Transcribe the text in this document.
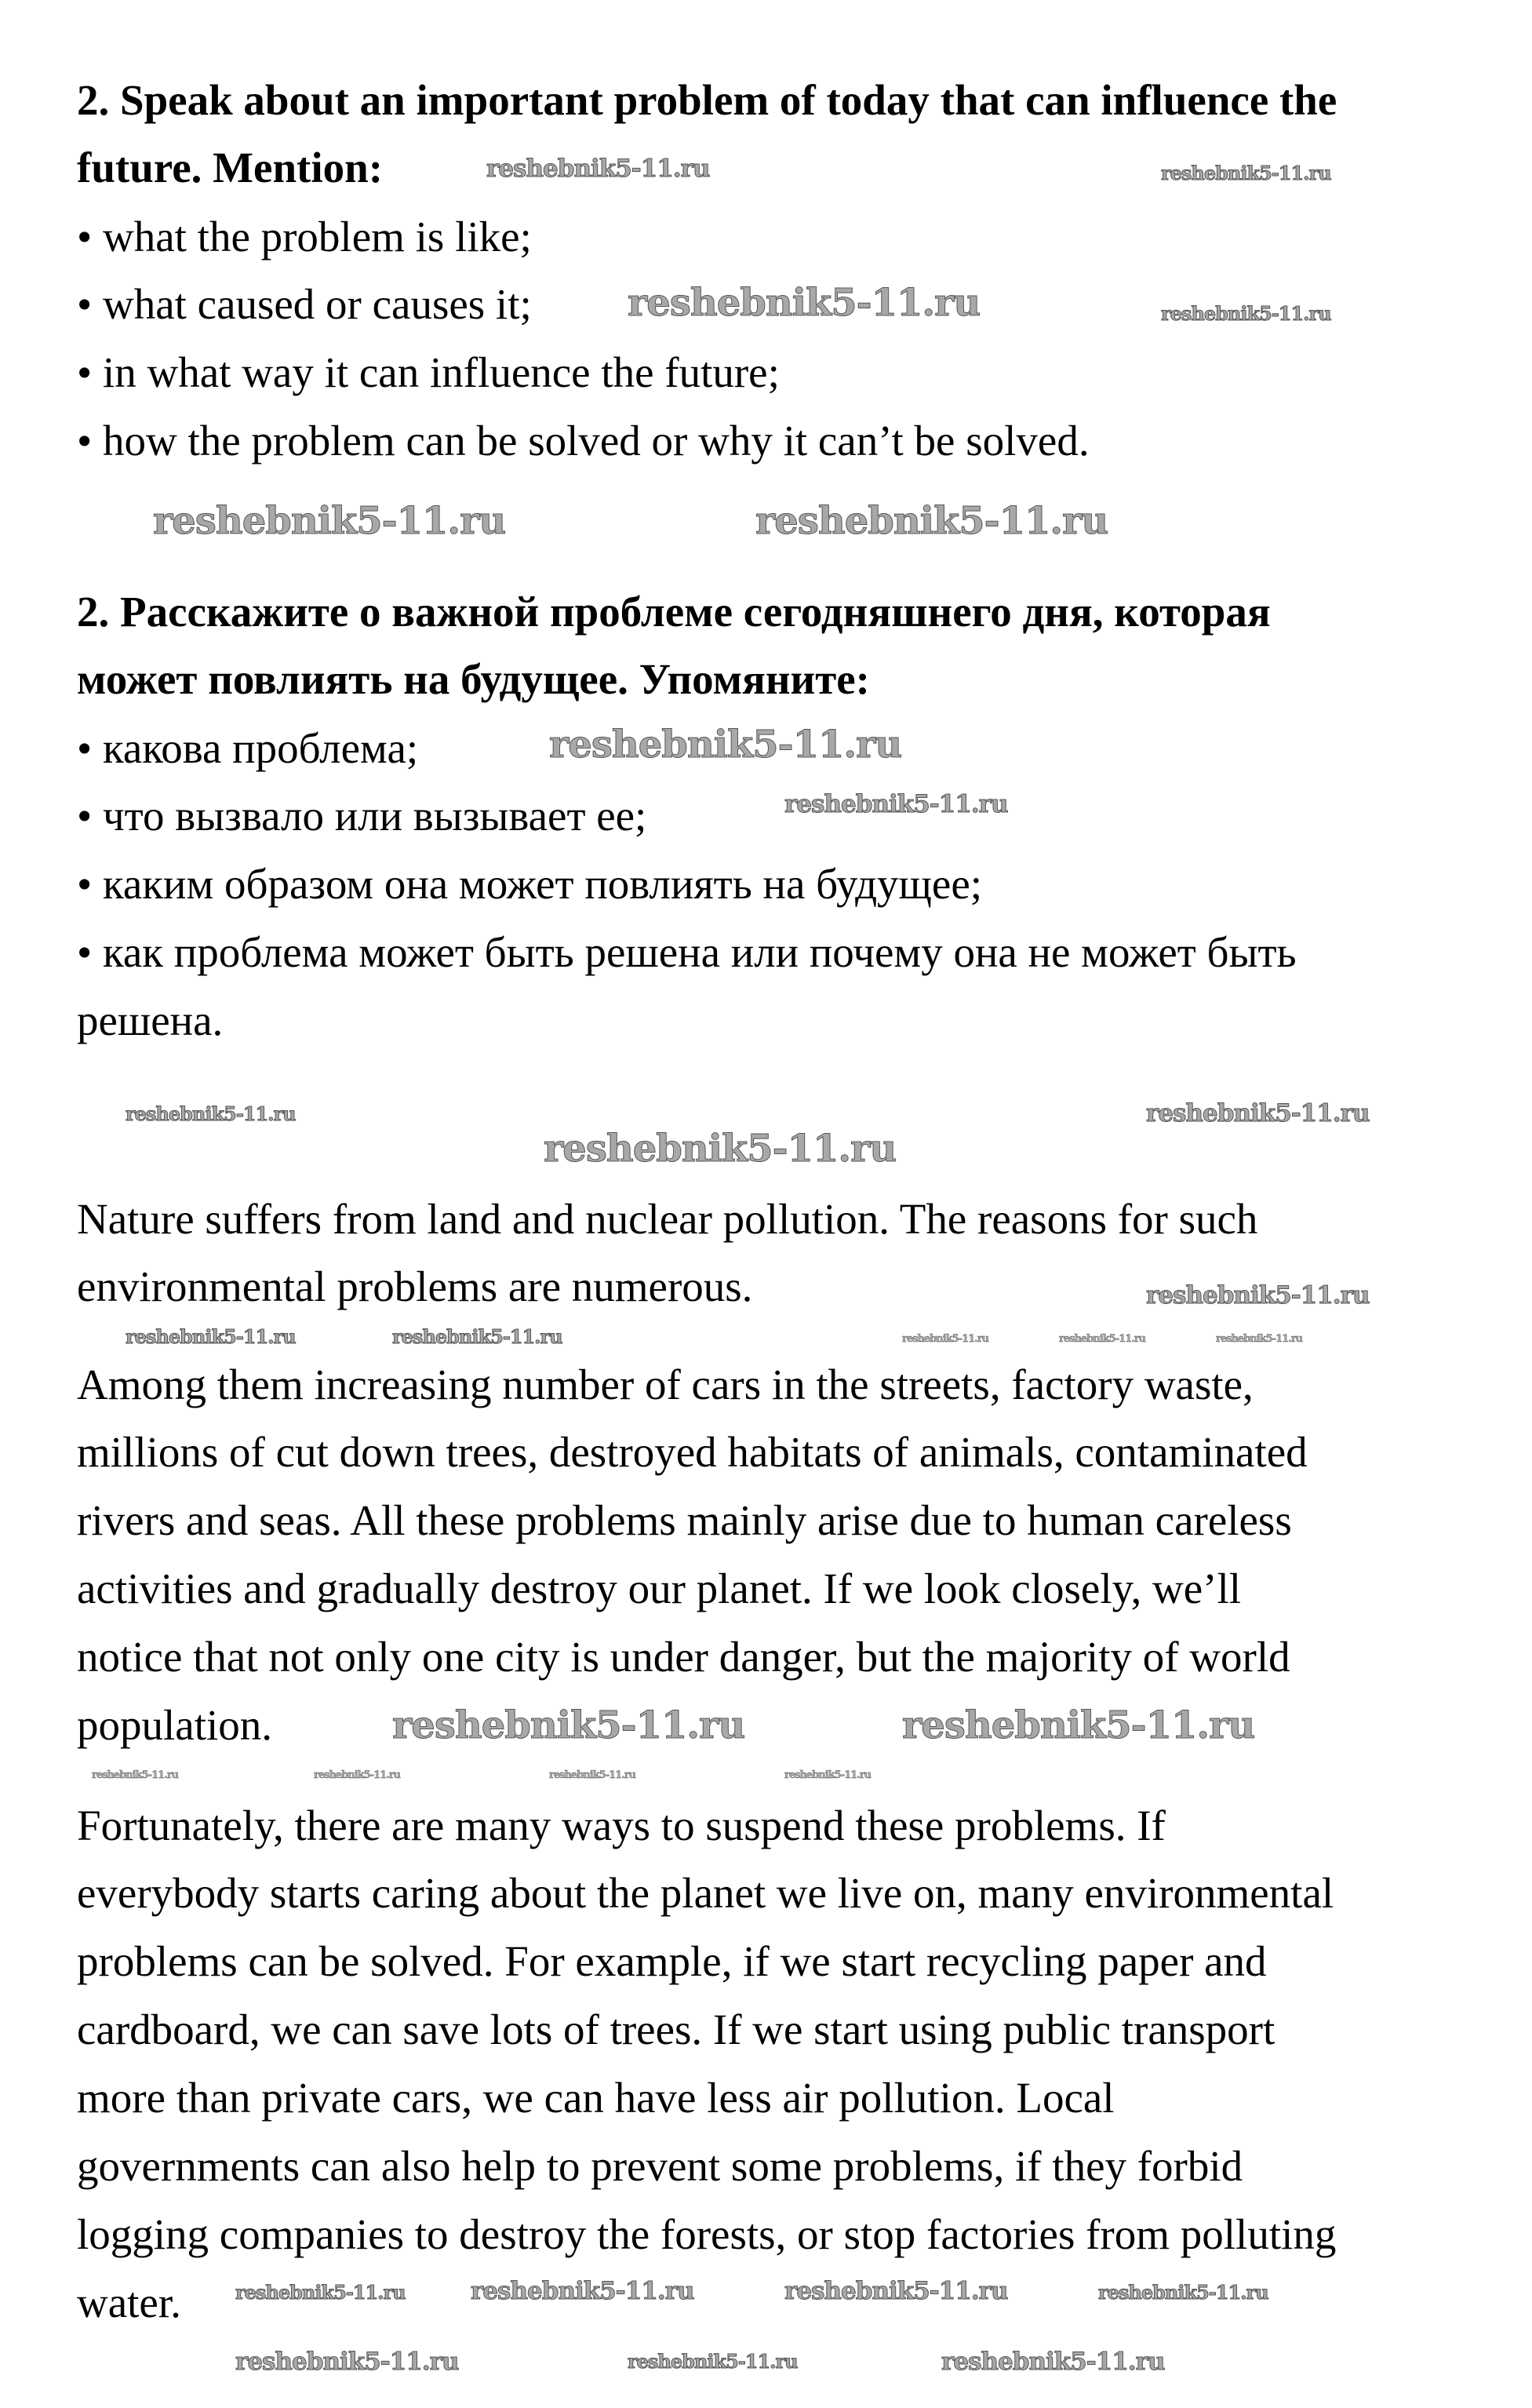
2. Speak about an important problem of today that can influence the
future. Mention:
• what the problem is like;
• what caused or causes it;
• in what way it can influence the future;
• how the problem can be solved or why it can’t be solved.
2. Расскажите о важной проблеме сегодняшнего дня, которая
может повлиять на будущее. Упомяните:
• какова проблема;
• что вызвало или вызывает ее;
• каким образом она может повлиять на будущее;
• как проблема может быть решена или почему она не может быть
решена.
Nature suffers from land and nuclear pollution. The reasons for such
environmental problems are numerous.
Among them increasing number of cars in the streets, factory waste,
millions of cut down trees, destroyed habitats of animals, contaminated
rivers and seas. All these problems mainly arise due to human careless
activities and gradually destroy our planet. If we look closely, we’ll
notice that not only one city is under danger, but the majority of world
population.
Fortunately, there are many ways to suspend these problems. If
everybody starts caring about the planet we live on, many environmental
problems can be solved. For example, if we start recycling paper and
cardboard, we can save lots of trees. If we start using public transport
more than private cars, we can have less air pollution. Local
governments can also help to prevent some problems, if they forbid
logging companies to destroy the forests, or stop factories from polluting
water.
reshebnik5-11.ru	reshebnik5-11.ru
reshebnik5-11.ru
reshebnik5-11.ru
reshebnik5-11.ru	reshebnik5-11.ru
reshebnik5-11.ru
reshebnik5-11.ru
reshebnik5-11.ru	reshebnik5-11.ru
reshebnik5-11.ru
reshebnik5-11.ru
reshebnik5-11.ru
reshebnik5-11.ru	reshebnik5-11.ru	reshebnik5-11.ru	reshebnik5-11.ru
reshebnik5-11.ru	reshebnik5-11.ru
reshebnik5-11.ru	reshebnik5-11.ru
reshebnik5-11.ru	reshebnik5-11.ru
reshebnik5-11.ru	reshebnik5-11.ru	reshebnik5-11.ru	reshebnik5-11.ru
reshebnik5-11.ru	reshebnik5-11.ru	reshebnik5-11.ru
